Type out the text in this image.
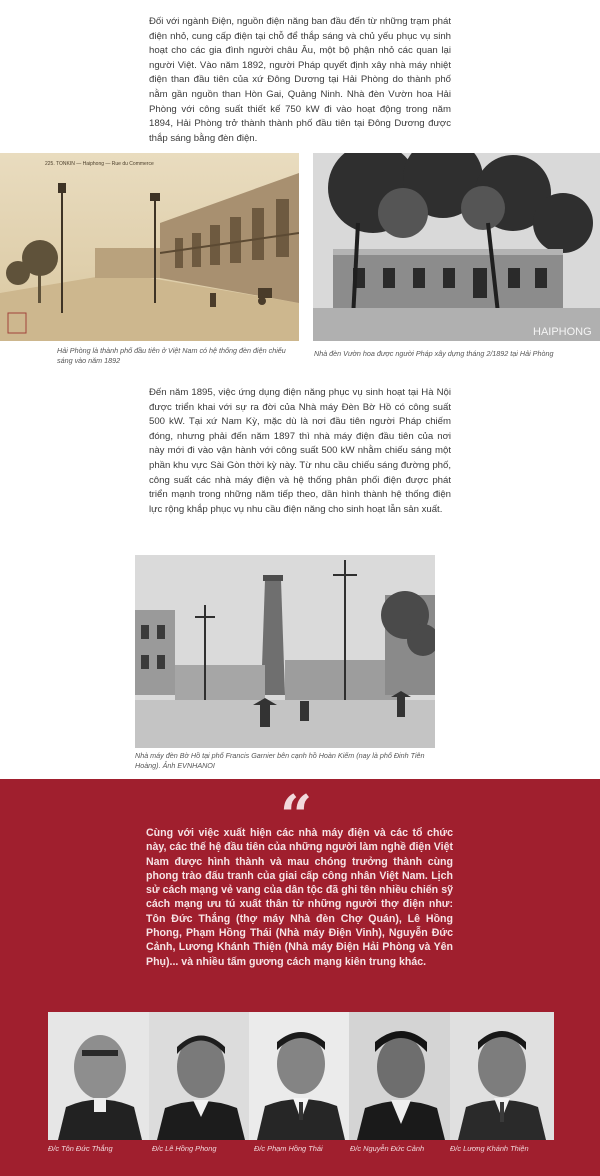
Đối với ngành Điện, nguồn điện năng ban đầu đến từ những trạm phát điện nhỏ, cung cấp điện tại chỗ để thắp sáng và chủ yếu phục vụ sinh hoạt cho các gia đình người châu Âu, một bộ phận nhỏ các quan lại người Việt. Vào năm 1892, người Pháp quyết định xây nhà máy nhiệt điện than đầu tiên của xứ Đông Dương tại Hải Phòng do thành phố nằm gần nguồn than Hòn Gai, Quảng Ninh. Nhà đèn Vườn hoa Hải Phòng với công suất thiết kế 750 kW đi vào hoạt động trong năm 1894, Hải Phòng trở thành thành phố đầu tiên tại Đông Dương được thắp sáng bằng đèn điện.

225. TONKIN — Haiphong — Rue du Commerce

Hải Phòng là thành phố đầu tiên ở Việt Nam có hệ thống đèn điện chiếu sáng vào năm 1892

HAIPHONG

Nhà đèn Vườn hoa được người Pháp xây dựng tháng 2/1892 tại Hải Phòng

Đến năm 1895, việc ứng dụng điện năng phục vụ sinh hoạt tại Hà Nội được triển khai với sự ra đời của Nhà máy Đèn Bờ Hồ có công suất 500 kW. Tại xứ Nam Kỳ, mặc dù là nơi đầu tiên người Pháp chiếm đóng, nhưng phải đến năm 1897 thì nhà máy điện đầu tiên của nơi này mới đi vào vận hành với công suất 500 kW nhằm chiếu sáng một phần khu vực Sài Gòn thời kỳ này. Từ nhu cầu chiếu sáng đường phố, công suất các nhà máy điện và hệ thống phân phối điện được phát triển mạnh trong những năm tiếp theo, dần hình thành hệ thống điện lực rộng khắp phục vụ nhu cầu điện năng cho sinh hoạt lẫn sản xuất.

Nhà máy đèn Bờ Hồ tại phố Francis Garnier bên cạnh hồ Hoàn Kiếm (nay là phố Đinh Tiên Hoàng). Ảnh EVNHANOI

“

Cùng với việc xuất hiện các nhà máy điện và các tổ chức này, các thế hệ đầu tiên của những người làm nghề điện Việt Nam được hình thành và mau chóng trưởng thành cùng phong trào đấu tranh của giai cấp công nhân Việt Nam. Lịch sử cách mạng vẻ vang của dân tộc đã ghi tên nhiều chiến sỹ cách mạng ưu tú xuất thân từ những người thợ điện như: Tôn Đức Thắng (thợ máy Nhà đèn Chợ Quán), Lê Hồng Phong, Phạm Hồng Thái (Nhà máy Điện Vinh), Nguyễn Đức Cảnh, Lương Khánh Thiện (Nhà máy Điện Hải Phòng và Yên Phụ)... và nhiều tấm gương cách mạng kiên trung khác.

Đ/c Tôn Đức Thắng	Đ/c Lê Hồng Phong	Đ/c Phạm Hồng Thái	Đ/c Nguyễn Đức Cảnh	Đ/c Lương Khánh Thiện
